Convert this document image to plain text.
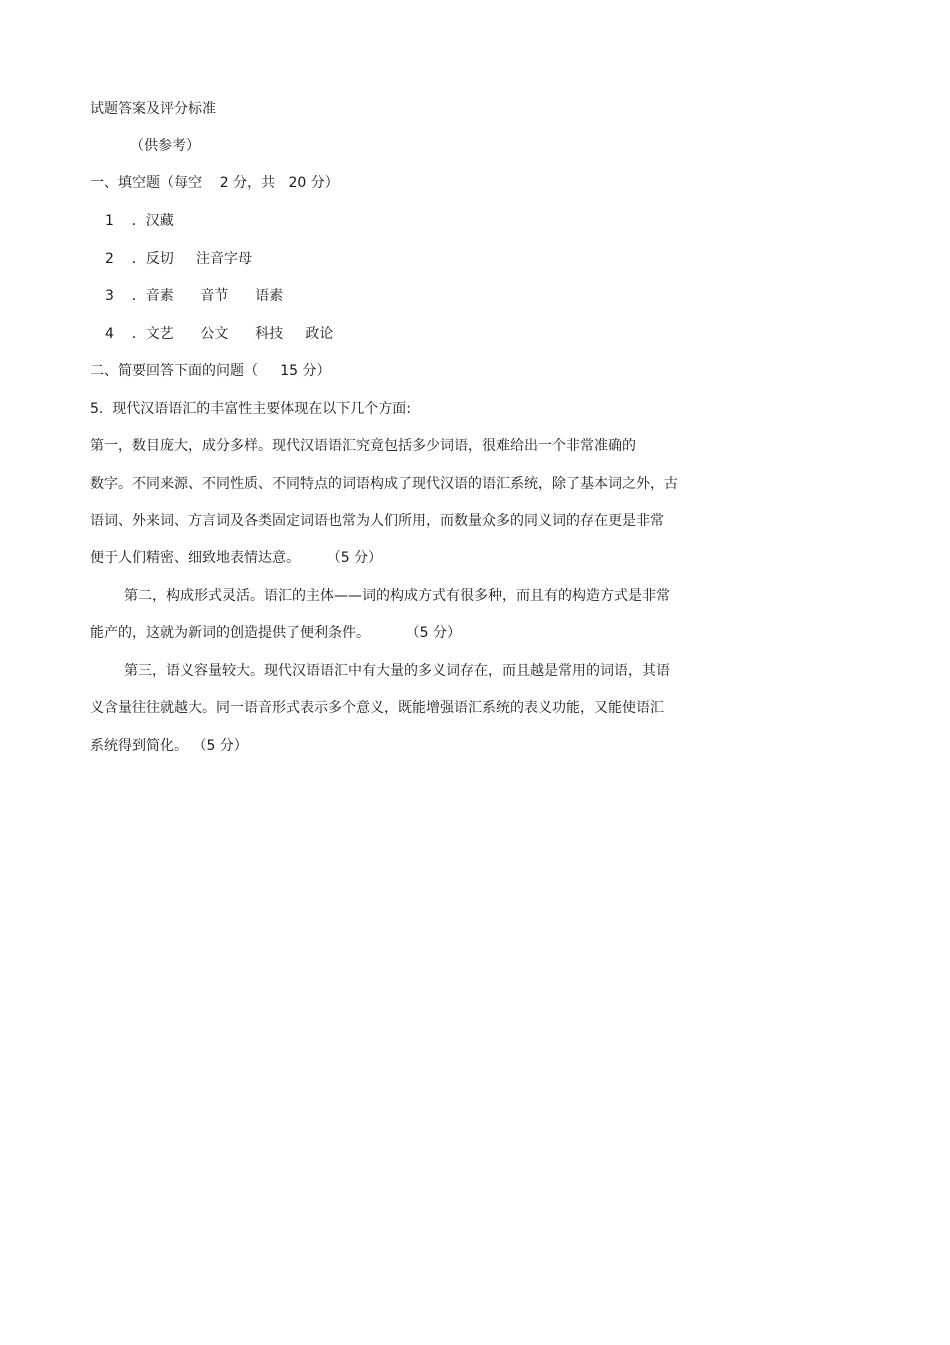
试题答案及评分标准
（供参考）
一、填空题（每空    2 分，共   20 分）
1    ．汉藏
2    ．反切     注音字母
3    ．音素      音节      语素
4    ．文艺      公文      科技     政论
二、简要回答下面的问题（     15 分）
5.  现代汉语语汇的丰富性主要体现在以下几个方面:
第一，数目庞大，成分多样。现代汉语语汇究竟包括多少词语，很难给出一个非常准确的
数字。不同来源、不同性质、不同特点的词语构成了现代汉语的语汇系统，除了基本词之外，古
语词、外来词、方言词及各类固定词语也常为人们所用，而数量众多的同义词的存在更是非常
便于人们精密、细致地表情达意。      （5 分）
第二，构成形式灵活。语汇的主体——词的构成方式有很多种，而且有的构造方式是非常
能产的，这就为新词的创造提供了便利条件。        （5 分）
第三，语义容量较大。现代汉语语汇中有大量的多义词存在，而且越是常用的词语，其语
义含量往往就越大。同一语音形式表示多个意义，既能增强语汇系统的表义功能，又能使语汇
系统得到简化。 （5 分）
